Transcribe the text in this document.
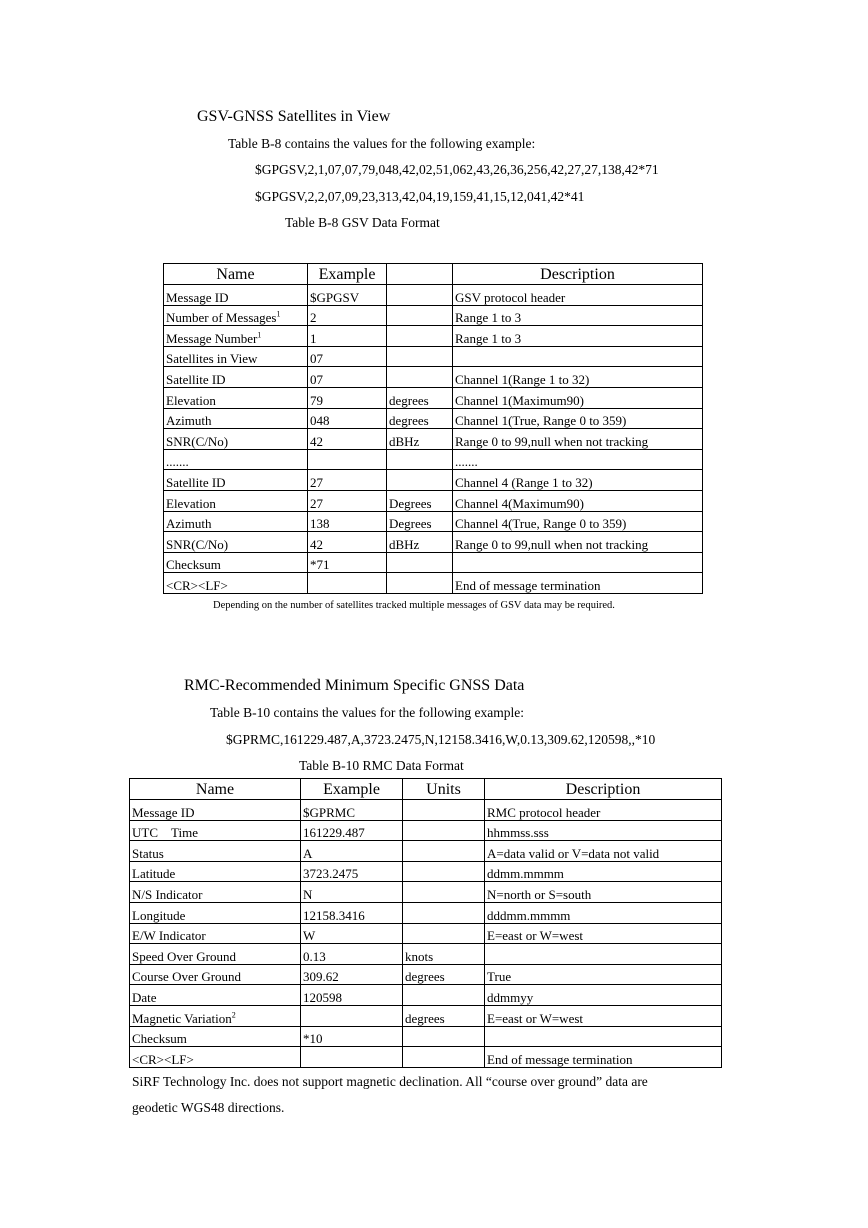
GSV-GNSS Satellites in View
Table B-8 contains the values for the following example:
$GPGSV,2,1,07,07,79,048,42,02,51,062,43,26,36,256,42,27,27,138,42*71
$GPGSV,2,2,07,09,23,313,42,04,19,159,41,15,12,041,42*41
Table B-8 GSV Data Format
Name	Example		Description
Message ID	$GPGSV		GSV protocol header
Number of Messages$^1$	2		Range 1 to 3
Message Number$^1$	1		Range 1 to 3
Satellites in View	07		
Satellite ID	07		Channel 1(Range 1 to 32)
Elevation	79	degrees	Channel 1(Maximum90)
Azimuth	048	degrees	Channel 1(True, Range 0 to 359)
SNR(C/No)	42	dBHz	Range 0 to 99,null when not tracking
.......			.......
Satellite ID	27		Channel 4 (Range 1 to 32)
Elevation	27	Degrees	Channel 4(Maximum90)
Azimuth	138	Degrees	Channel 4(True, Range 0 to 359)
SNR(C/No)	42	dBHz	Range 0 to 99,null when not tracking
Checksum	*71		
<CR><LF>			End of message termination
Depending on the number of satellites tracked multiple messages of GSV data may be required.
RMC-Recommended Minimum Specific GNSS Data
Table B-10 contains the values for the following example:
$GPRMC,161229.487,A,3723.2475,N,12158.3416,W,0.13,309.62,120598,,*10
Table B-10 RMC Data Format
Name	Example	Units	Description
Message ID	$GPRMC		RMC protocol header
UTC    Time	161229.487		hhmmss.sss
Status	A		A=data valid or V=data not valid
Latitude	3723.2475		ddmm.mmmm
N/S Indicator	N		N=north or S=south
Longitude	12158.3416		dddmm.mmmm
E/W Indicator	W		E=east or W=west
Speed Over Ground	0.13	knots	
Course Over Ground	309.62	degrees	True
Date	120598		ddmmyy
Magnetic Variation$^2$		degrees	E=east or W=west
Checksum	*10		
<CR><LF>			End of message termination
SiRF Technology Inc. does not support magnetic declination. All “course over ground” data are
geodetic WGS48 directions.
